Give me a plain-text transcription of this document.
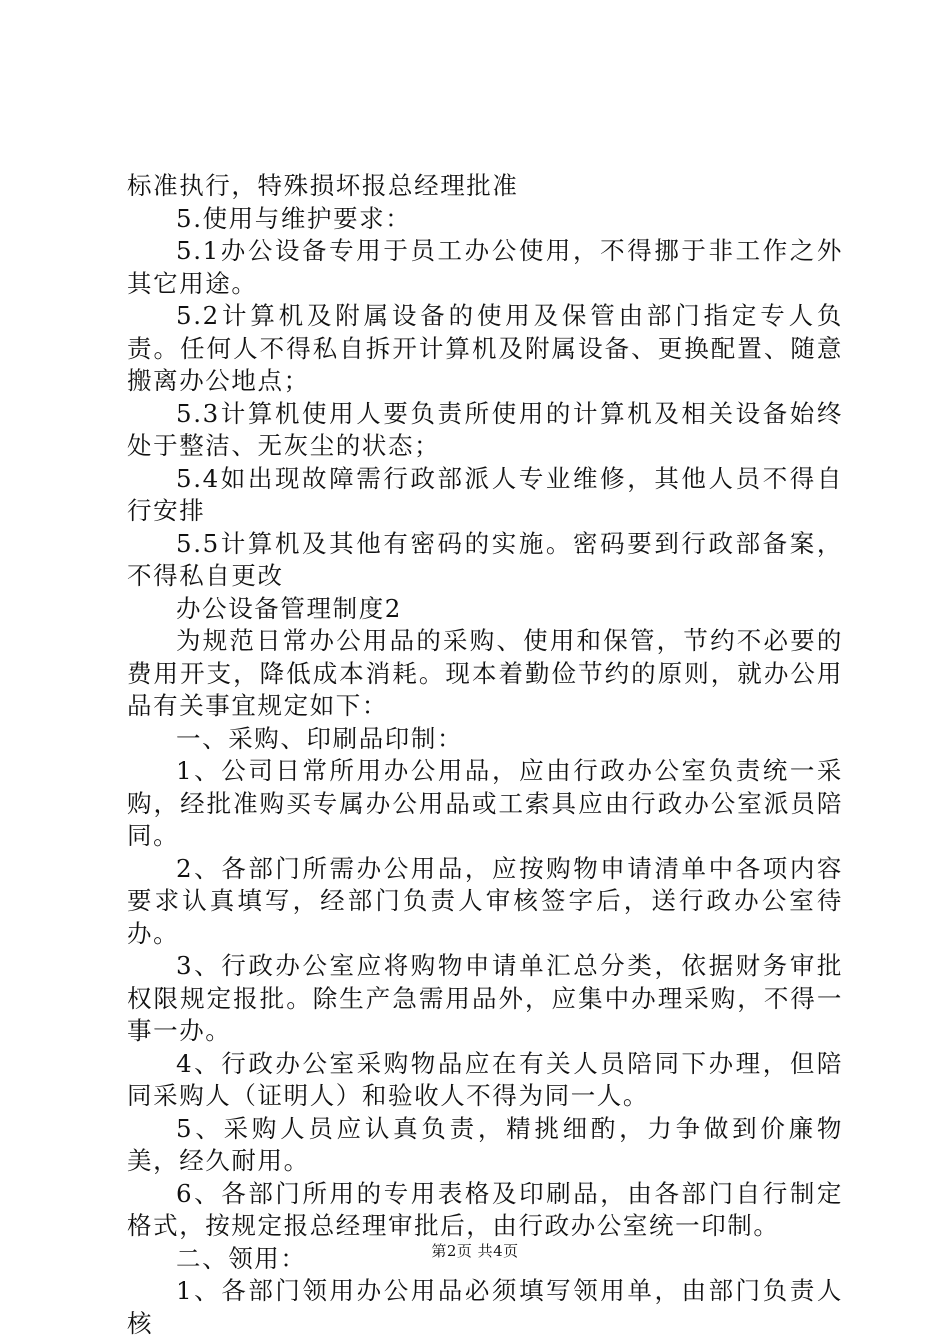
标准执行，特殊损坏报总经理批准

5.使用与维护要求：

5.1办公设备专用于员工办公使用，不得挪于非工作之外其它用途。

5.2计算机及附属设备的使用及保管由部门指定专人负责。任何人不得私自拆开计算机及附属设备、更换配置、随意搬离办公地点；

5.3计算机使用人要负责所使用的计算机及相关设备始终处于整洁、无灰尘的状态；

5.4如出现故障需行政部派人专业维修，其他人员不得自行安排

5.5计算机及其他有密码的实施。密码要到行政部备案，不得私自更改

办公设备管理制度2

为规范日常办公用品的采购、使用和保管，节约不必要的费用开支，降低成本消耗。现本着勤俭节约的原则，就办公用品有关事宜规定如下：

一、采购、印刷品印制：

1、公司日常所用办公用品，应由行政办公室负责统一采购，经批准购买专属办公用品或工索具应由行政办公室派员陪同。

2、各部门所需办公用品，应按购物申请清单中各项内容要求认真填写，经部门负责人审核签字后，送行政办公室待办。

3、行政办公室应将购物申请单汇总分类，依据财务审批权限规定报批。除生产急需用品外，应集中办理采购，不得一事一办。

4、行政办公室采购物品应在有关人员陪同下办理，但陪同采购人（证明人）和验收人不得为同一人。

5、采购人员应认真负责，精挑细酌，力争做到价廉物美，经久耐用。

6、各部门所用的专用表格及印刷品，由各部门自行制定格式，按规定报总经理审批后，由行政办公室统一印制。

二、领用：

1、各部门领用办公用品必须填写领用单，由部门负责人核

第2页 共4页
